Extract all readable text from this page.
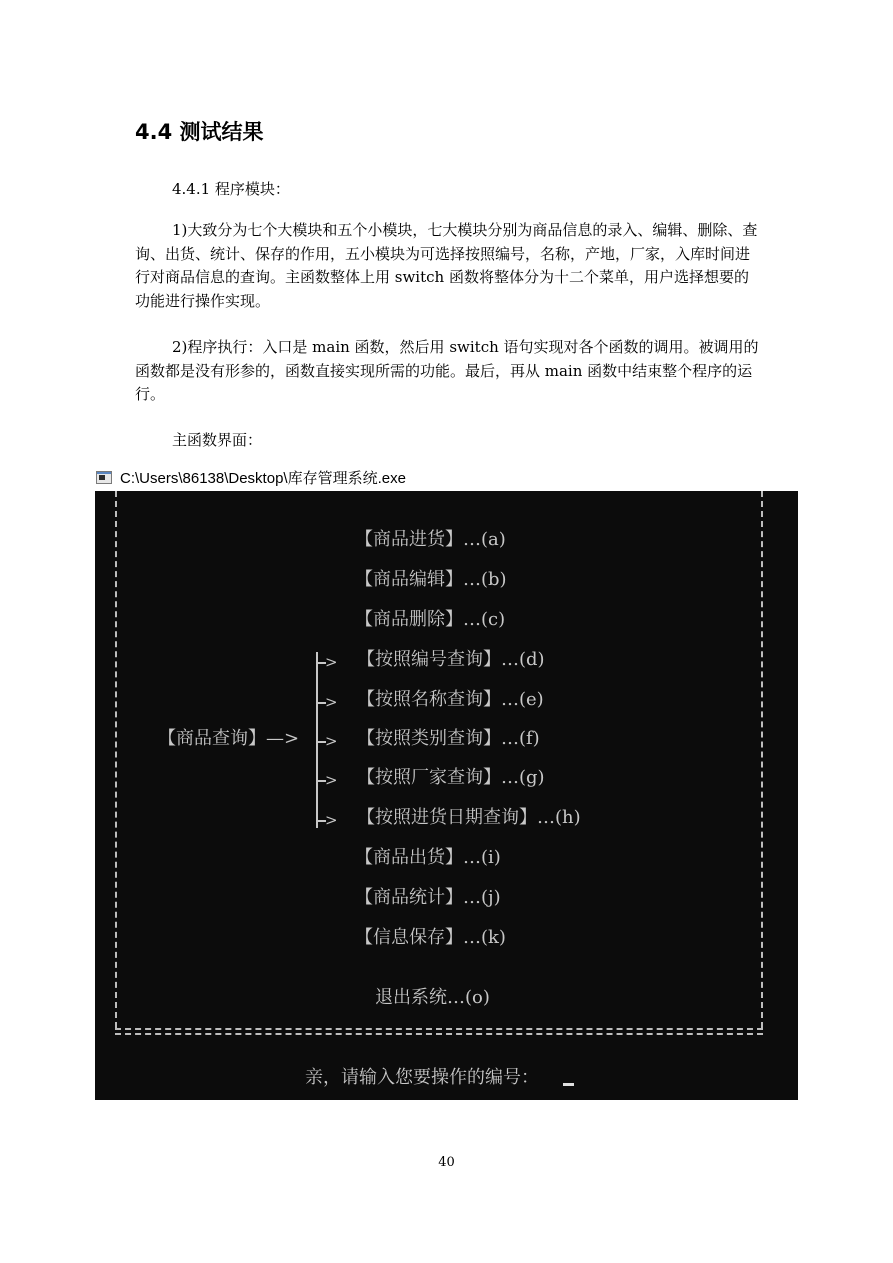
4.4 测试结果
4.4.1 程序模块：

1)大致分为七个大模块和五个小模块，七大模块分别为商品信息的录入、编辑、删除、查询、出货、统计、保存的作用，五小模块为可选择按照编号，名称，产地，厂家，入库时间进行对商品信息的查询。主函数整体上用 switch 函数将整体分为十二个菜单，用户选择想要的功能进行操作实现。

2)程序执行：入口是 main 函数，然后用 switch 语句实现对各个函数的调用。被调用的函数都是没有形参的，函数直接实现所需的功能。最后，再从 main 函数中结束整个程序的运行。

主函数界面：
C:\Users\86138\Desktop\库存管理系统.exe
【商品进货】…(a)
【商品编辑】…(b)
【商品删除】…(c)
>
>
>
>
>
【按照编号查询】…(d)
【按照名称查询】…(e)
【商品查询】—>	【按照类别查询】…(f)
【按照厂家查询】…(g)
【按照进货日期查询】…(h)
【商品出货】…(i)
【商品统计】…(j)
【信息保存】…(k)
退出系统…(o)
亲，请输入您要操作的编号：
40
